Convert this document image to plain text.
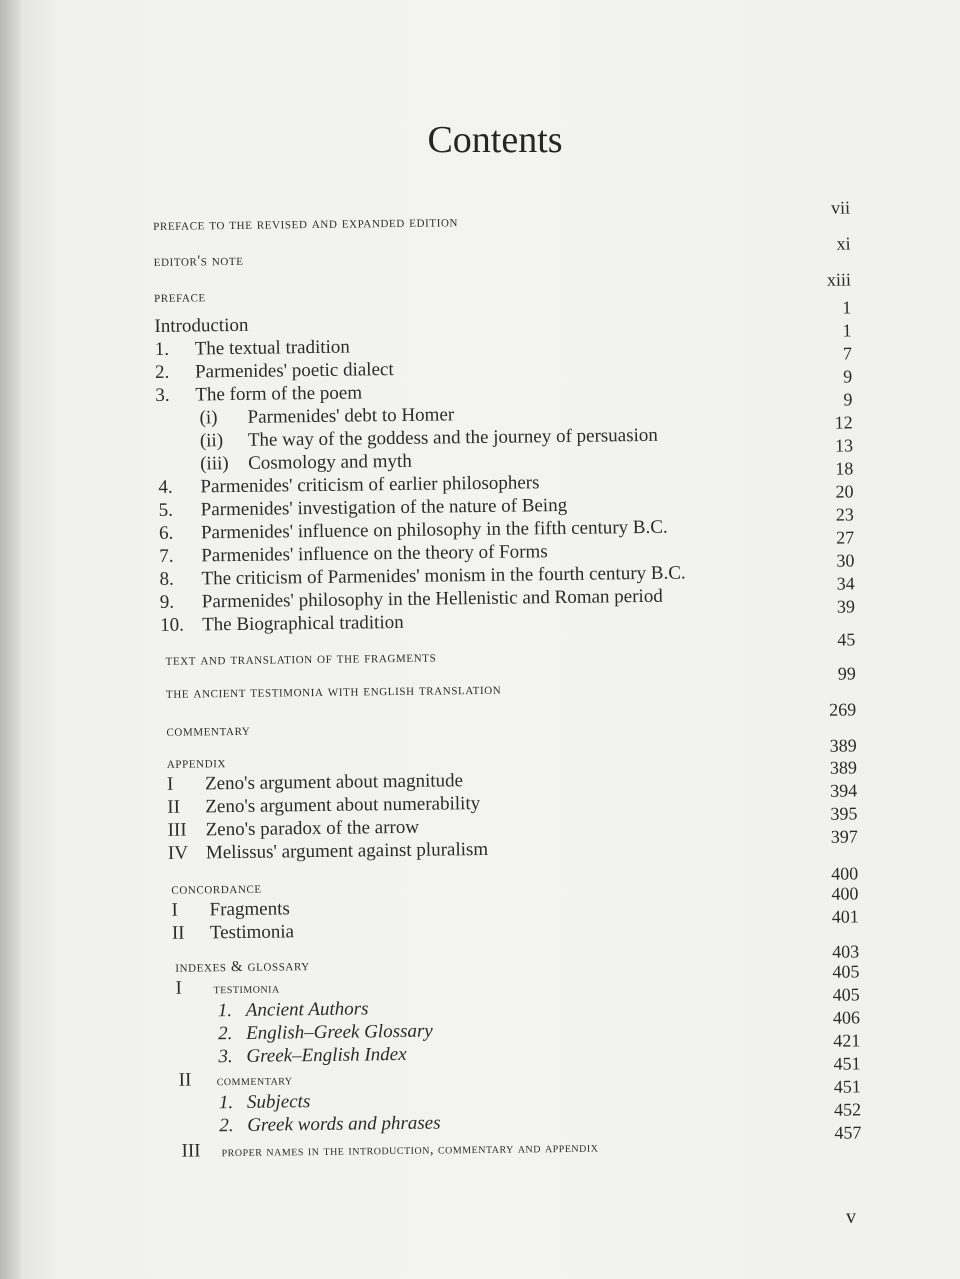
Contents
preface to the revised and expanded edition
vii
editor's note
xi
preface
xiii
Introduction
1
1. The textual tradition
1
2. Parmenides' poetic dialect
7
3. The form of the poem
9
(i) Parmenides' debt to Homer
9
(ii) The way of the goddess and the journey of persuasion
12
(iii) Cosmology and myth
13
4. Parmenides' criticism of earlier philosophers
18
5. Parmenides' investigation of the nature of Being
20
6. Parmenides' influence on philosophy in the fifth century B.C.
23
7. Parmenides' influence on the theory of Forms
27
8. The criticism of Parmenides' monism in the fourth century B.C.
30
9. Parmenides' philosophy in the Hellenistic and Roman period
34
10. The Biographical tradition
39
text and translation of the fragments
45
the ancient testimonia with english translation
99
commentary
269
appendix
389
I Zeno's argument about magnitude
389
II Zeno's argument about numerability
394
III Zeno's paradox of the arrow
395
IV Melissus' argument against pluralism
397
concordance
400
I Fragments
400
II Testimonia
401
indexes & glossary
403
I testimonia
405
1. Ancient Authors
405
2. English–Greek Glossary
406
3. Greek–English Index
421
II commentary
451
1. Subjects
451
2. Greek words and phrases
452
III proper names in the introduction, commentary and appendix
457
v
